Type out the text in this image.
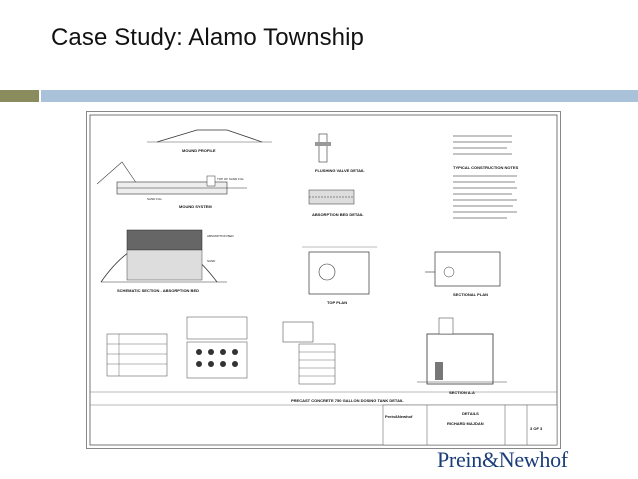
Case Study: Alamo Township
MOUND PROFILE
TOP OF SAND FILL
SAND FILL
MOUND SYSTEM
ABSORPTION BED
SAND
SCHEMATIC SECTION - ABSORPTION BED
FLUSHING VALVE DETAIL
ABSORPTION BED DETAIL
TYPICAL CONSTRUCTION NOTES
TOP PLAN
SECTIONAL PLAN
PRECAST CONCRETE 750 GALLON DOSING TANK DETAIL
SECTION A-A
Prein&Newhof
DETAILS
RICHARD MAJDAN
3 OF 3
Prein&Newhof
